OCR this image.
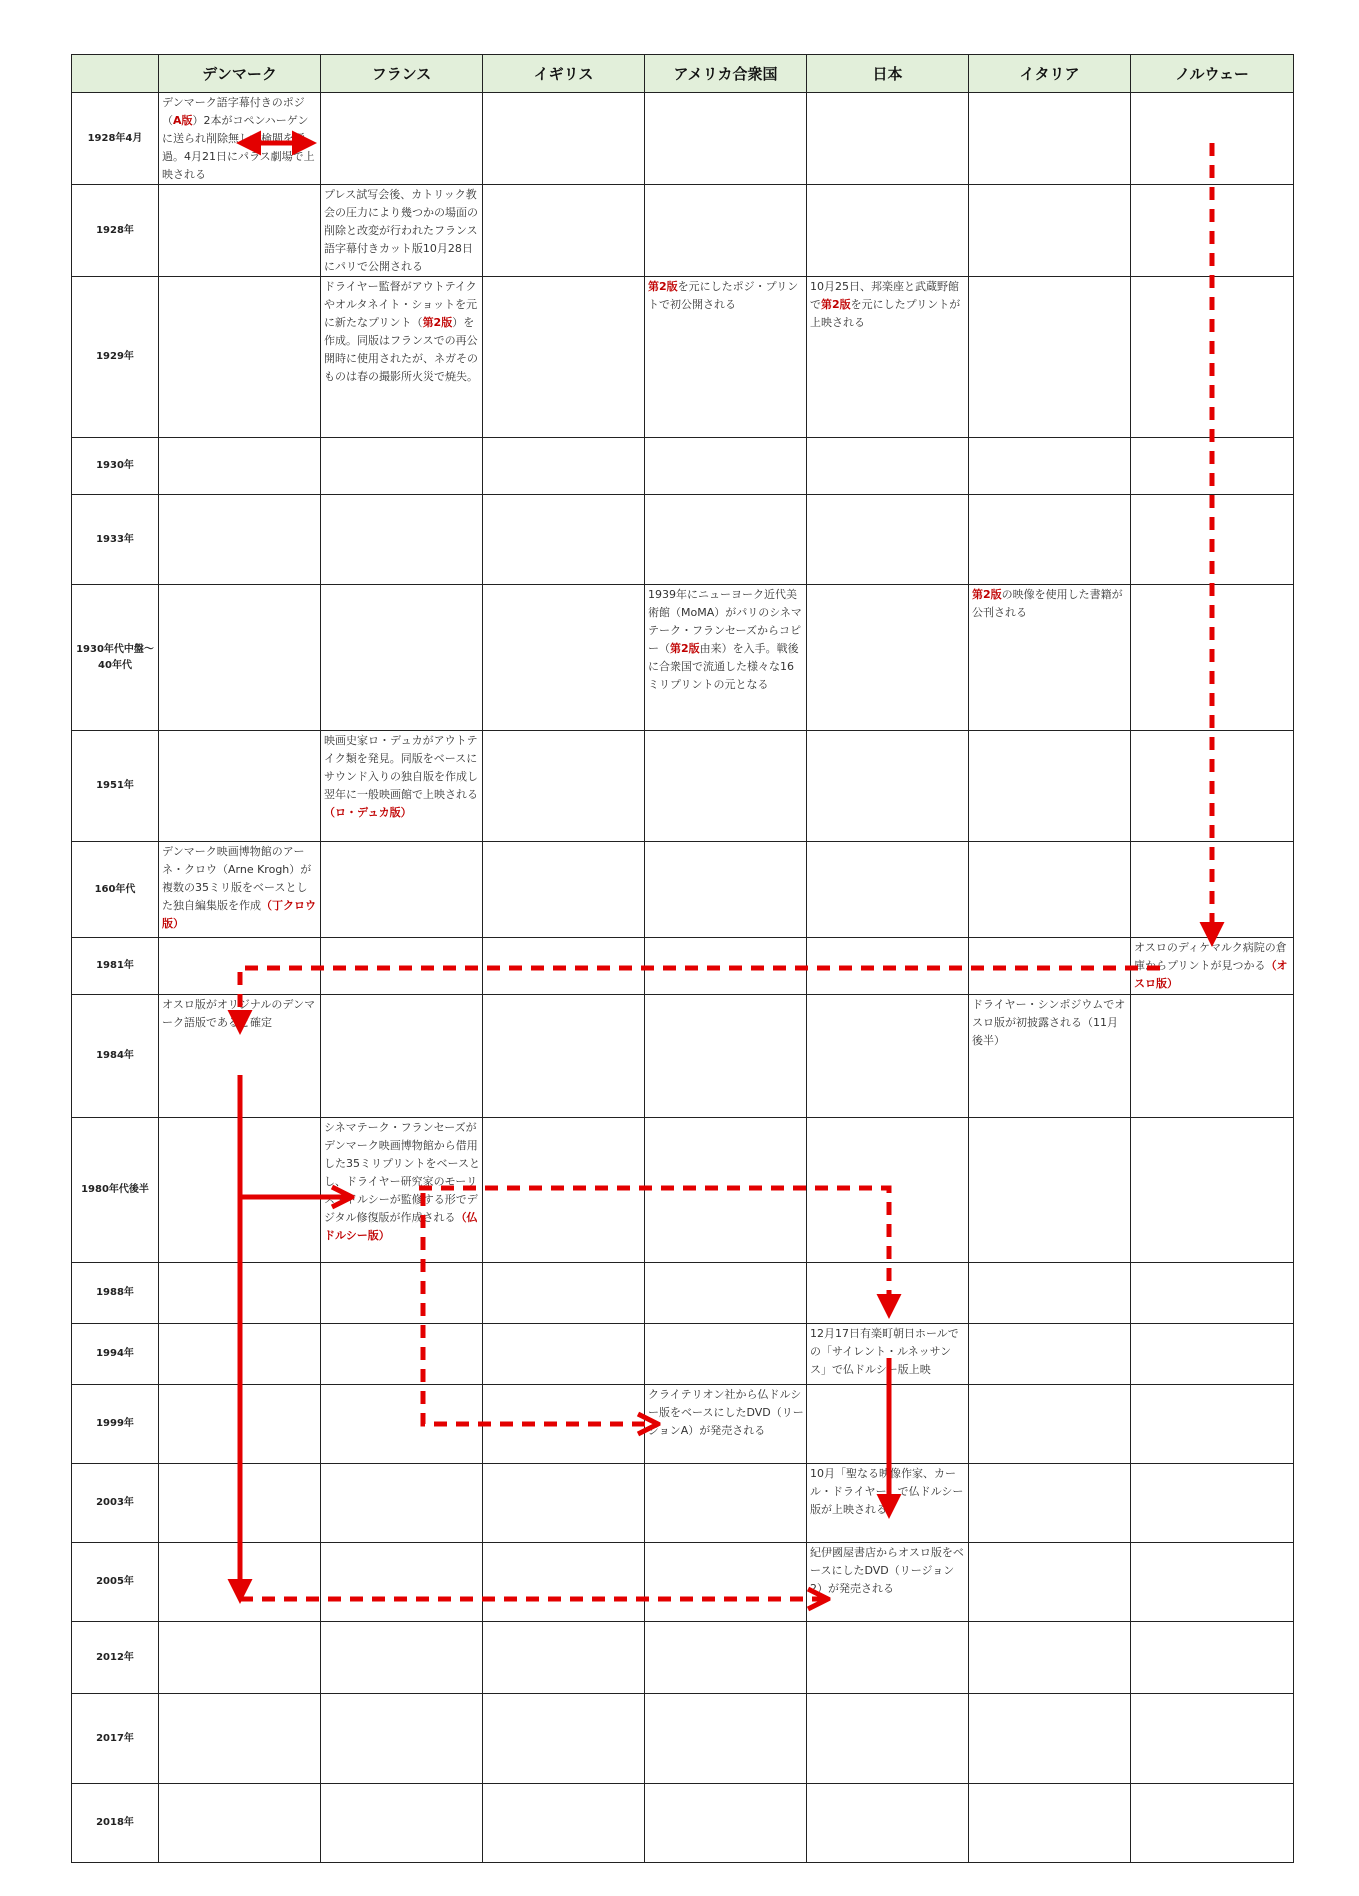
	デンマーク	フランス	イギリス	アメリカ合衆国	日本	イタリア	ノルウェー
1928年4月	デンマーク語字幕付きのポジ（A版）2本がコペンハーゲンに送られ削除無しで検閲を通過。4月21日にパラス劇場で上映される						

1928年		プレス試写会後、カトリック教会の圧力により幾つかの場面の削除と改変が行われたフランス語字幕付きカット版10月28日にパリで公開される					

1929年		ドライヤー監督がアウトテイクやオルタネイト・ショットを元に新たなプリント（第2版）を作成。同版はフランスでの再公開時に使用されたが、ネガそのものは春の撮影所火災で焼失。		第2版を元にしたポジ・プリントで初公開される	10月25日、邦楽座と武蔵野館で第2版を元にしたプリントが上映される		

1930年	

1933年	

1930年代中盤〜40年代				1939年にニューヨーク近代美術館（MoMA）がパリのシネマテーク・フランセーズからコピー（第2版由来）を入手。戦後に合衆国で流通した様々な16ミリプリントの元となる		第2版の映像を使用した書籍が公刊される	

1951年		映画史家ロ・デュカがアウトテイク類を発見。同版をベースにサウンド入りの独自版を作成し翌年に一般映画館で上映される（ロ・デュカ版）					

160年代	デンマーク映画博物館のアーネ・クロウ（Arne Krogh）が複数の35ミリ版をベースとした独自編集版を作成（丁クロウ版）						

1981年							オスロのディケマルク病院の倉庫からプリントが見つかる（オスロ版）

1984年	オスロ版がオリジナルのデンマーク語版であると確定					ドライヤー・シンポジウムでオスロ版が初披露される（11月後半）	

1980年代後半		シネマテーク・フランセーズがデンマーク映画博物館から借用した35ミリプリントをベースとし、ドライヤー研究家のモーリス・ドルシーが監修する形でデジタル修復版が作成される（仏ドルシー版）					

1988年	

1994年					12月17日有楽町朝日ホールでの「サイレント・ルネッサンス」で仏ドルシー版上映		

1999年				クライテリオン社から仏ドルシー版をベースにしたDVD（リージョンA）が発売される			

2003年					10月「聖なる映像作家、カール・ドライヤー」で仏ドルシー版が上映される		

2005年					紀伊國屋書店からオスロ版をベースにしたDVD（リージョン2）が発売される		

2012年	

2017年	

2018年	
